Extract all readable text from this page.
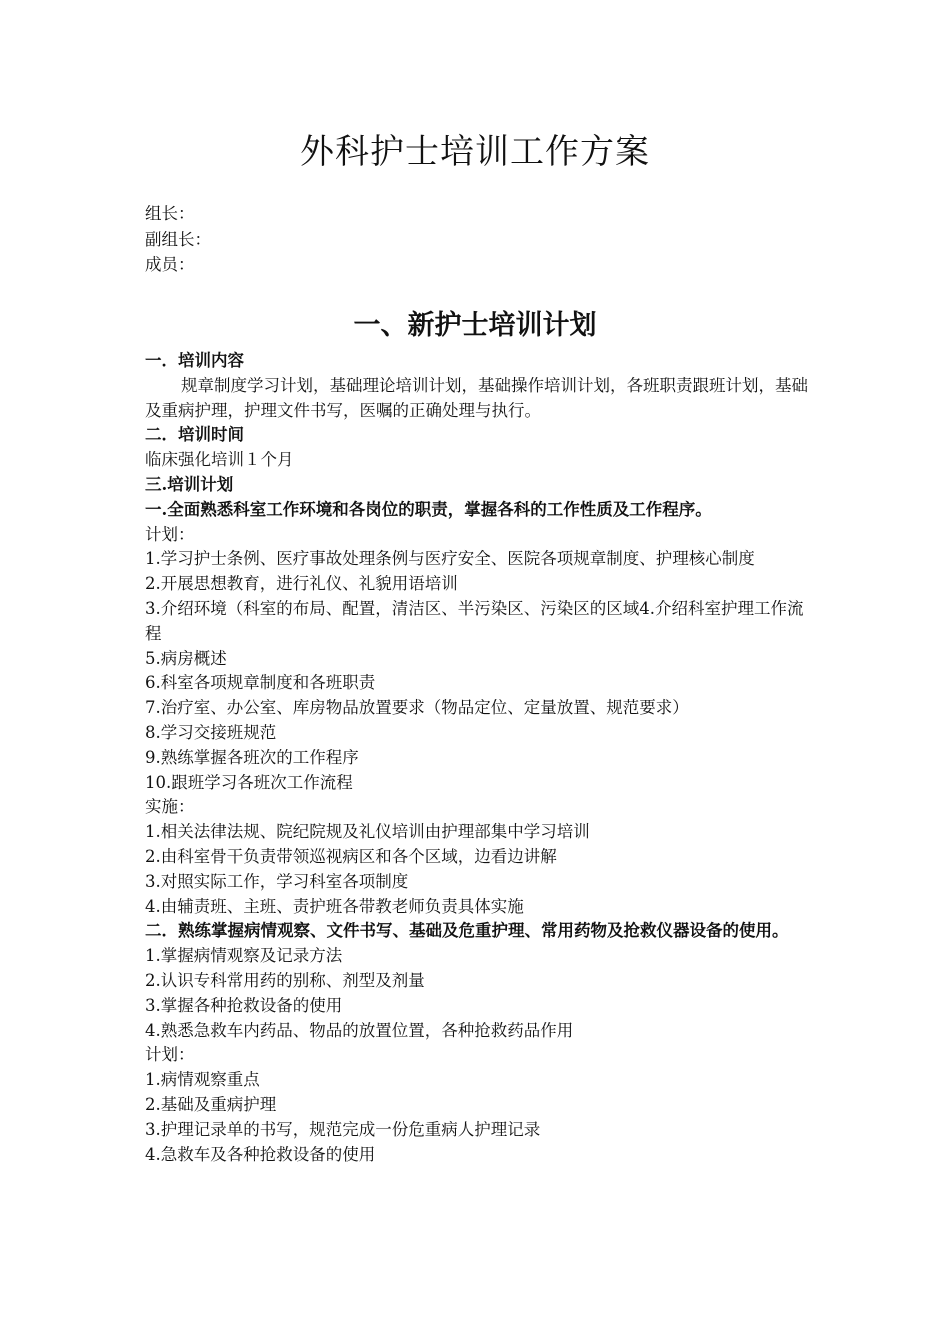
外科护士培训工作方案

组长：

副组长：

成员：

一、新护士培训计划

一．培训内容

规章制度学习计划，基础理论培训计划，基础操作培训计划，各班职责跟班计划，基础及重病护理，护理文件书写，医嘱的正确处理与执行。

二．培训时间

临床强化培训１个月

三.培训计划

一.全面熟悉科室工作环境和各岗位的职责，掌握各科的工作性质及工作程序。

计划：

1.学习护士条例、医疗事故处理条例与医疗安全、医院各项规章制度、护理核心制度

2.开展思想教育，进行礼仪、礼貌用语培训

3.介绍环境（科室的布局、配置，清洁区、半污染区、污染区的区域4.介绍科室护理工作流程

5.病房概述

6.科室各项规章制度和各班职责

7.治疗室、办公室、库房物品放置要求（物品定位、定量放置、规范要求）

8.学习交接班规范

9.熟练掌握各班次的工作程序

10.跟班学习各班次工作流程

实施：

1.相关法律法规、院纪院规及礼仪培训由护理部集中学习培训

2.由科室骨干负责带领巡视病区和各个区域，边看边讲解

3.对照实际工作，学习科室各项制度

4.由辅责班、主班、责护班各带教老师负责具体实施

二．熟练掌握病情观察、文件书写、基础及危重护理、常用药物及抢救仪器设备的使用。

1.掌握病情观察及记录方法

2.认识专科常用药的别称、剂型及剂量

3.掌握各种抢救设备的使用

4.熟悉急救车内药品、物品的放置位置，各种抢救药品作用

计划：

1.病情观察重点

2.基础及重病护理

3.护理记录单的书写，规范完成一份危重病人护理记录

4.急救车及各种抢救设备的使用
